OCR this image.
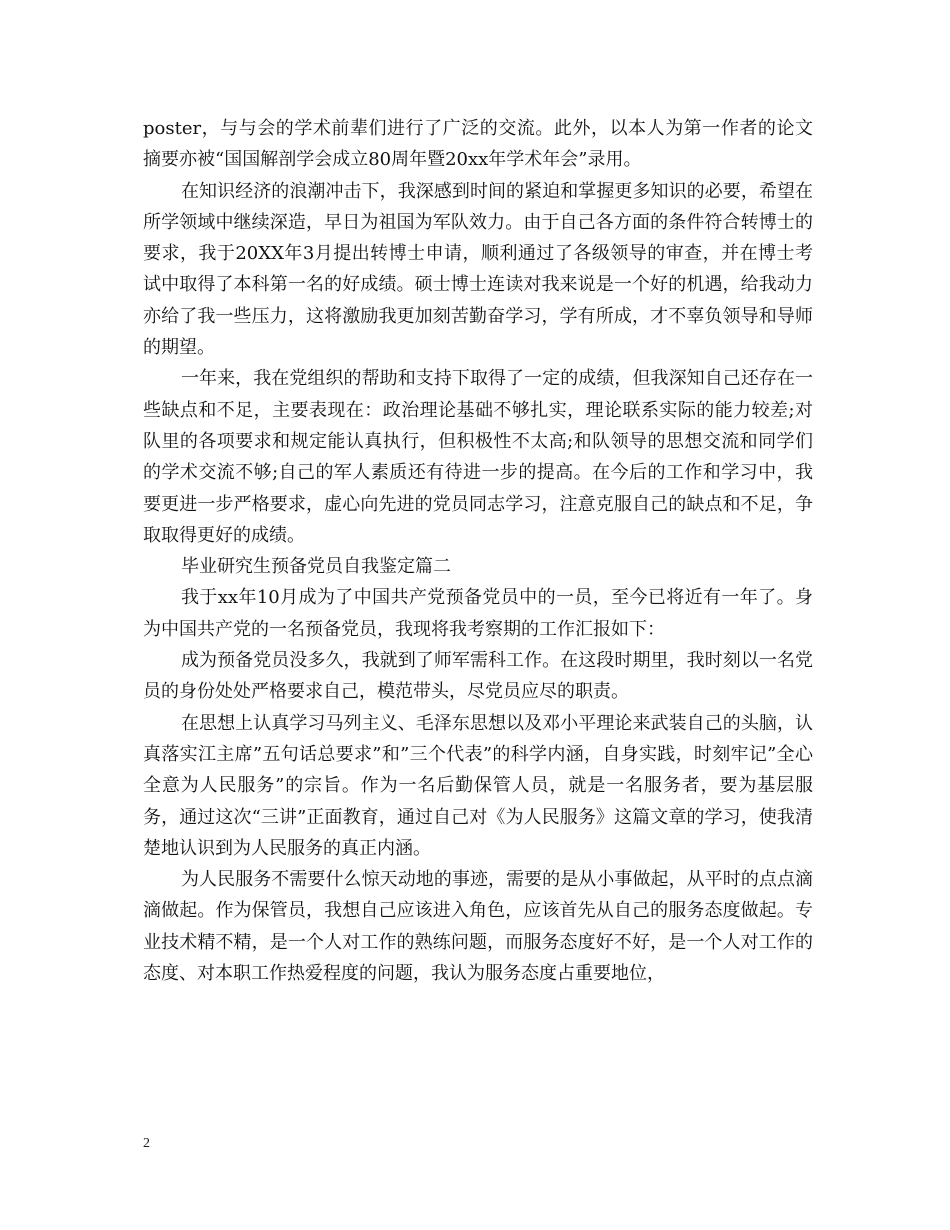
poster，与与会的学术前辈们进行了广泛的交流。此外，以本人为第一作者的论文摘要亦被“国国解剖学会成立80周年暨20xx年学术年会”录用。

在知识经济的浪潮冲击下，我深感到时间的紧迫和掌握更多知识的必要，希望在所学领域中继续深造，早日为祖国为军队效力。由于自己各方面的条件符合转博士的要求，我于20XX年3月提出转博士申请，顺利通过了各级领导的审查，并在博士考试中取得了本科第一名的好成绩。硕士博士连读对我来说是一个好的机遇，给我动力亦给了我一些压力，这将激励我更加刻苦勤奋学习，学有所成，才不辜负领导和导师的期望。

一年来，我在党组织的帮助和支持下取得了一定的成绩，但我深知自己还存在一些缺点和不足，主要表现在：政治理论基础不够扎实，理论联系实际的能力较差;对队里的各项要求和规定能认真执行，但积极性不太高;和队领导的思想交流和同学们的学术交流不够;自己的军人素质还有待进一步的提高。在今后的工作和学习中，我要更进一步严格要求，虚心向先进的党员同志学习，注意克服自己的缺点和不足，争取取得更好的成绩。

毕业研究生预备党员自我鉴定篇二

我于xx年10月成为了中国共产党预备党员中的一员，至今已将近有一年了。身为中国共产党的一名预备党员，我现将我考察期的工作汇报如下：

成为预备党员没多久，我就到了师军需科工作。在这段时期里，我时刻以一名党员的身份处处严格要求自己，模范带头，尽党员应尽的职责。

在思想上认真学习马列主义、毛泽东思想以及邓小平理论来武装自己的头脑，认真落实江主席”五句话总要求”和”三个代表”的科学内涵，自身实践，时刻牢记”全心全意为人民服务”的宗旨。作为一名后勤保管人员，就是一名服务者，要为基层服务，通过这次“三讲”正面教育，通过自己对《为人民服务》这篇文章的学习，使我清楚地认识到为人民服务的真正内涵。

为人民服务不需要什么惊天动地的事迹，需要的是从小事做起，从平时的点点滴滴做起。作为保管员，我想自己应该进入角色，应该首先从自己的服务态度做起。专业技术精不精，是一个人对工作的熟练问题，而服务态度好不好，是一个人对工作的态度、对本职工作热爱程度的问题，我认为服务态度占重要地位，

2
